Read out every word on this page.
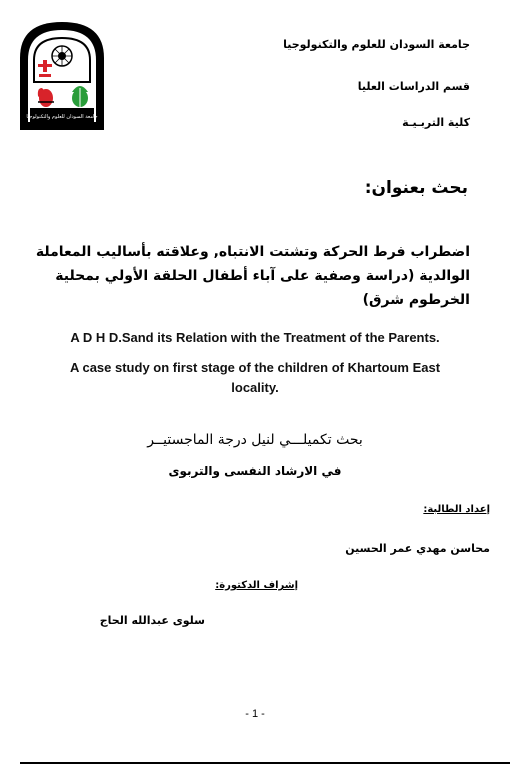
جامعة السودان للعلوم والتكنولوجيا
جامعة السودان للعلوم والتكنولوجيا
قسم الدراسات العليا
كلية التربـيـة
بحث بعنوان:
اضطراب فرط الحركة وتشتت الانتباه, وعلاقته بأساليب المعاملة الوالدية (دراسة وصفية على آباء أطفال الحلقة الأولي بمحلية الخرطوم شرق)
A D H D.Sand its Relation with the Treatment of the Parents.
A case study on first stage of the children of Khartoum East
locality.
بحث تكميلـــي لنيل درجة الماجستيــر
في الارشاد النفسى والتربوى
إعداد الطالبة:
محاسن مهدي عمر الحسين
إشراف الدكتورة:
سلوى عبدالله الحاج
- 1 -
